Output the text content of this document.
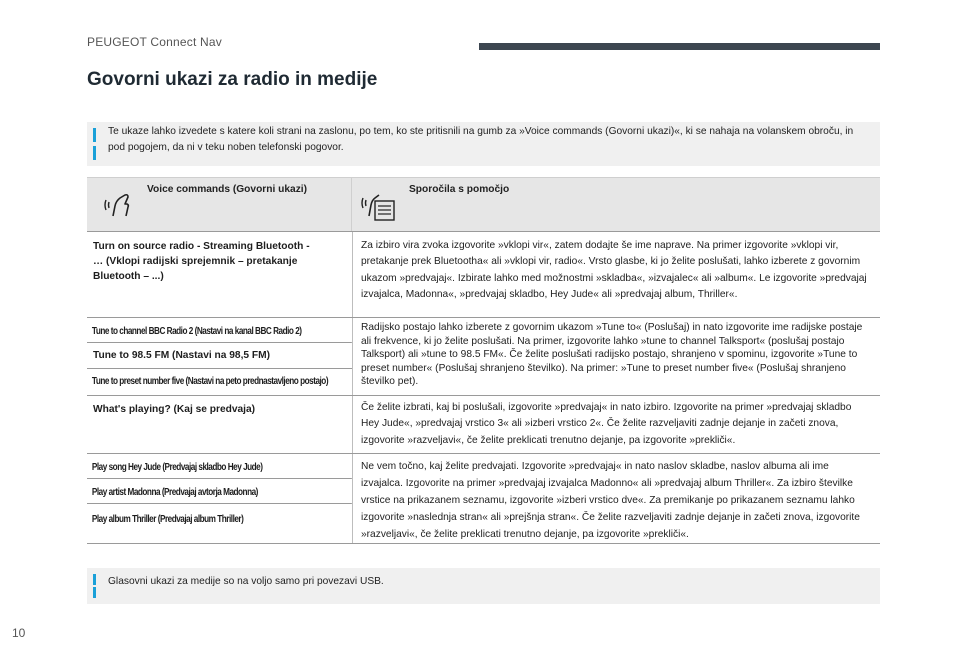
PEUGEOT Connect Nav
Govorni ukazi za radio in medije
Te ukaze lahko izvedete s katere koli strani na zaslonu, po tem, ko ste pritisnili na gumb za »Voice commands (Govorni ukazi)«, ki se nahaja na volanskem obroču, in pod pogojem, da ni v teku noben telefonski pogovor.
Voice commands (Govorni ukazi)	Sporočila s pomočjo
Turn on source radio - Streaming Bluetooth - … (Vklopi radijski sprejemnik – pretakanje Bluetooth – ...)
Za izbiro vira zvoka izgovorite »vklopi vir«, zatem dodajte še ime naprave. Na primer izgovorite »vklopi vir, pretakanje prek Bluetootha« ali »vklopi vir, radio«. Vrsto glasbe, ki jo želite poslušati, lahko izberete z govornim ukazom »predvajaj«. Izbirate lahko med možnostmi »skladba«, »izvajalec« ali »album«. Le izgovorite »predvajaj izvajalca, Madonna«, »predvajaj skladbo, Hey Jude« ali »predvajaj album, Thriller«.
Tune to channel BBC Radio 2 (Nastavi na kanal BBC Radio 2)
Tune to 98.5 FM (Nastavi na 98,5 FM)
Tune to preset number five (Nastavi na peto prednastavljeno postajo)
Radijsko postajo lahko izberete z govornim ukazom »Tune to« (Poslušaj) in nato izgovorite ime radijske postaje ali frekvence, ki jo želite poslušati. Na primer, izgovorite lahko »tune to channel Talksport« (poslušaj postajo Talksport) ali »tune to 98.5 FM«. Če želite poslušati radijsko postajo, shranjeno v spominu, izgovorite »Tune to preset number« (Poslušaj shranjeno številko). Na primer: »Tune to preset number five« (Poslušaj shranjeno številko pet).
What's playing? (Kaj se predvaja)	Če želite izbrati, kaj bi poslušali, izgovorite »predvajaj« in nato izbiro. Izgovorite na primer »predvajaj skladbo Hey Jude«, »predvajaj vrstico 3« ali »izberi vrstico 2«. Če želite razveljaviti zadnje dejanje in začeti znova, izgovorite »razveljavi«, če želite preklicati trenutno dejanje, pa izgovorite »prekliči«.
Play song Hey Jude (Predvajaj skladbo Hey Jude)
Play artist Madonna (Predvajaj avtorja Madonna)
Play album Thriller (Predvajaj album Thriller)
Ne vem točno, kaj želite predvajati. Izgovorite »predvajaj« in nato naslov skladbe, naslov albuma ali ime izvajalca. Izgovorite na primer »predvajaj izvajalca Madonno« ali »predvajaj album Thriller«. Za izbiro številke vrstice na prikazanem seznamu, izgovorite »izberi vrstico dve«. Za premikanje po prikazanem seznamu lahko izgovorite »naslednja stran« ali »prejšnja stran«. Če želite razveljaviti zadnje dejanje in začeti znova, izgovorite »razveljavi«, če želite preklicati trenutno dejanje, pa izgovorite »prekliči«.
Glasovni ukazi za medije so na voljo samo pri povezavi USB.
10
